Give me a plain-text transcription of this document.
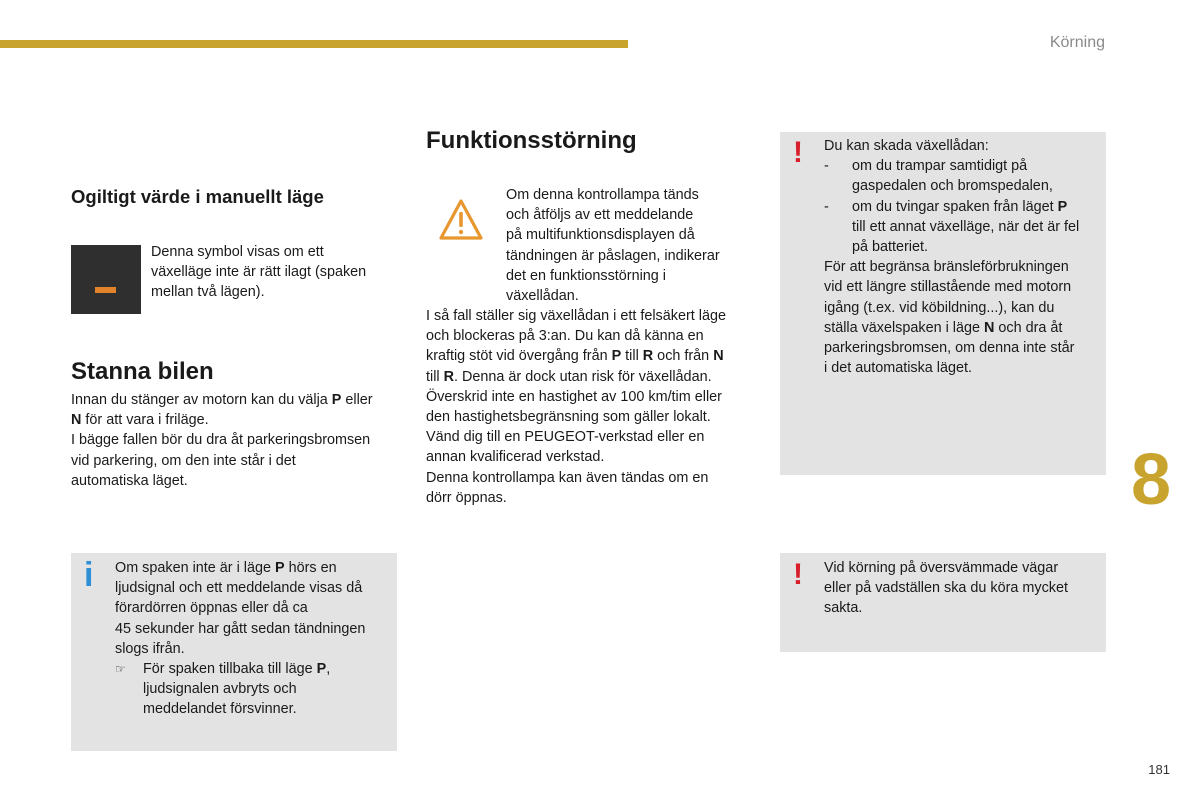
Körning
8
181
Ogiltigt värde i manuellt läge

Denna symbol visas om ett

växelläge inte är rätt ilagt (spaken

mellan två lägen).

Stanna bilen

Innan du stänger av motorn kan du välja P eller

N för att vara i friläge.

I bägge fallen bör du dra åt parkeringsbromsen

vid parkering, om den inte står i det

automatiska läget.

i Om spaken inte är i läge P hörs en

ljudsignal och ett meddelande visas då

förardörren öppnas eller då ca

45 sekunder har gått sedan tändningen

slogs ifrån.

☞ För spaken tillbaka till läge P,

ljudsignalen avbryts och

meddelandet försvinner.

Funktionsstörning

Om denna kontrollampa tänds

och åtföljs av ett meddelande

på multifunktionsdisplayen då

tändningen är påslagen, indikerar

det en funktionsstörning i

växellådan.

I så fall ställer sig växellådan i ett felsäkert läge

och blockeras på 3:an. Du kan då känna en

kraftig stöt vid övergång från P till R och från N

till R. Denna är dock utan risk för växellådan.

Överskrid inte en hastighet av 100 km/tim eller

den hastighetsbegränsning som gäller lokalt.

Vänd dig till en PEUGEOT-verkstad eller en

annan kvalificerad verkstad.

Denna kontrollampa kan även tändas om en

dörr öppnas.

! Du kan skada växellådan:

- om du trampar samtidigt på

gaspedalen och bromspedalen,

- om du tvingar spaken från läget P

till ett annat växelläge, när det är fel

på batteriet.

För att begränsa bränsleförbrukningen

vid ett längre stillastående med motorn

igång (t.ex. vid köbildning...), kan du

ställa växelspaken i läge N och dra åt

parkeringsbromsen, om denna inte står

i det automatiska läget.

! Vid körning på översvämmade vägar

eller på vadställen ska du köra mycket

sakta.
